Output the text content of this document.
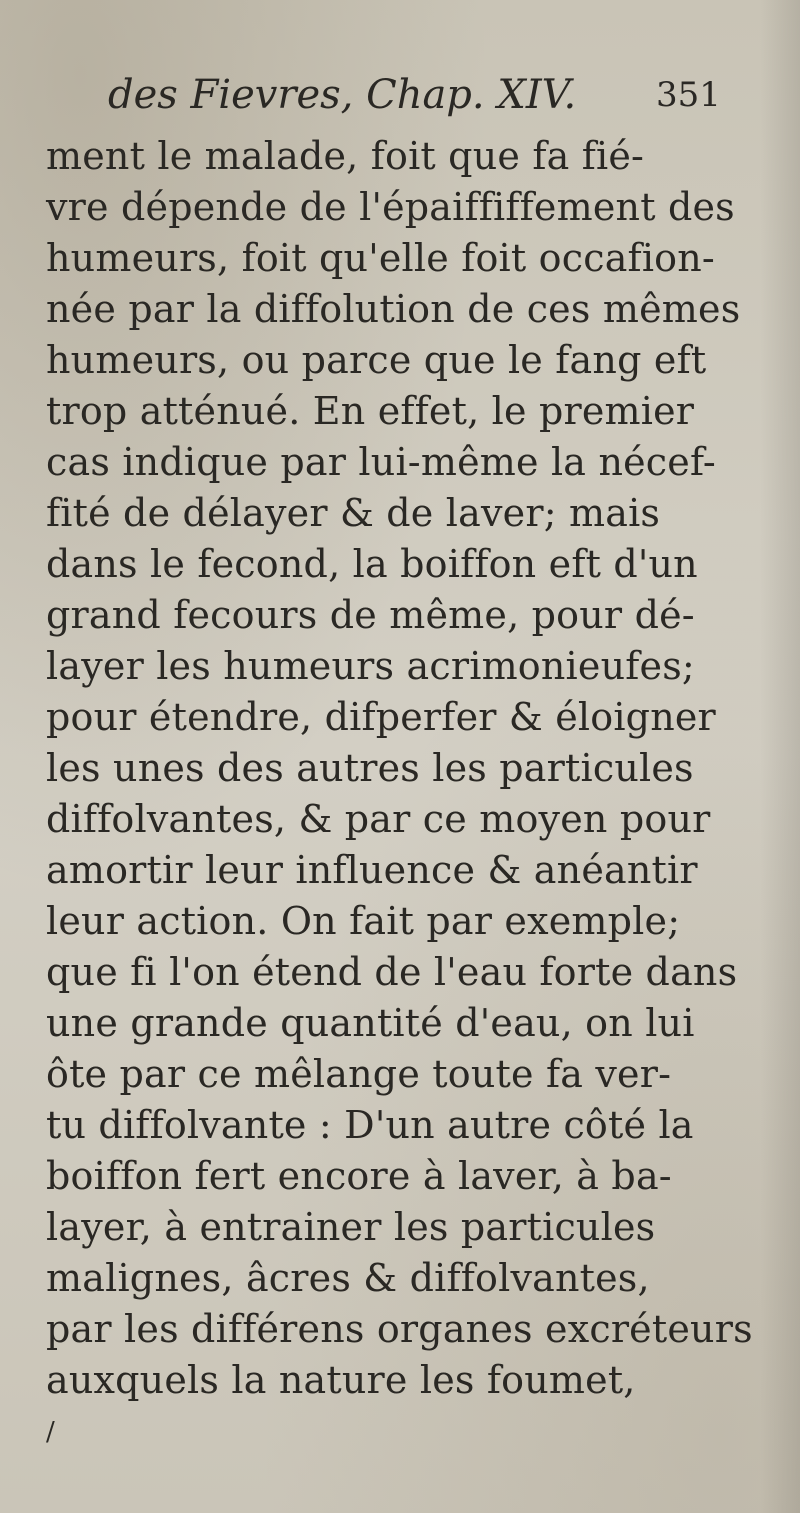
des Fievres, Chap. XIV. 351
ment le malade, foit que fa fié-
vre dépende de l'épaiffiffement des
humeurs, foit qu'elle foit occafion-
née par la diffolution de ces mêmes
humeurs, ou parce que le fang eft
trop atténué. En effet, le premier
cas indique par lui-même la nécef-
fité de délayer & de laver; mais
dans le fecond, la boiffon eft d'un
grand fecours de même, pour dé-
layer les humeurs acrimonieufes;
pour étendre, difperfer & éloigner
les unes des autres les particules
diffolvantes, & par ce moyen pour
amortir leur influence & anéantir
leur action. On fait par exemple;
que fi l'on étend de l'eau forte dans
une grande quantité d'eau, on lui
ôte par ce mêlange toute fa ver-
tu diffolvante : D'un autre côté la
boiffon fert encore à laver, à ba-
layer, à entrainer les particules
malignes, âcres & diffolvantes,
par les différens organes excréteurs
auxquels la nature les foumet,
/
